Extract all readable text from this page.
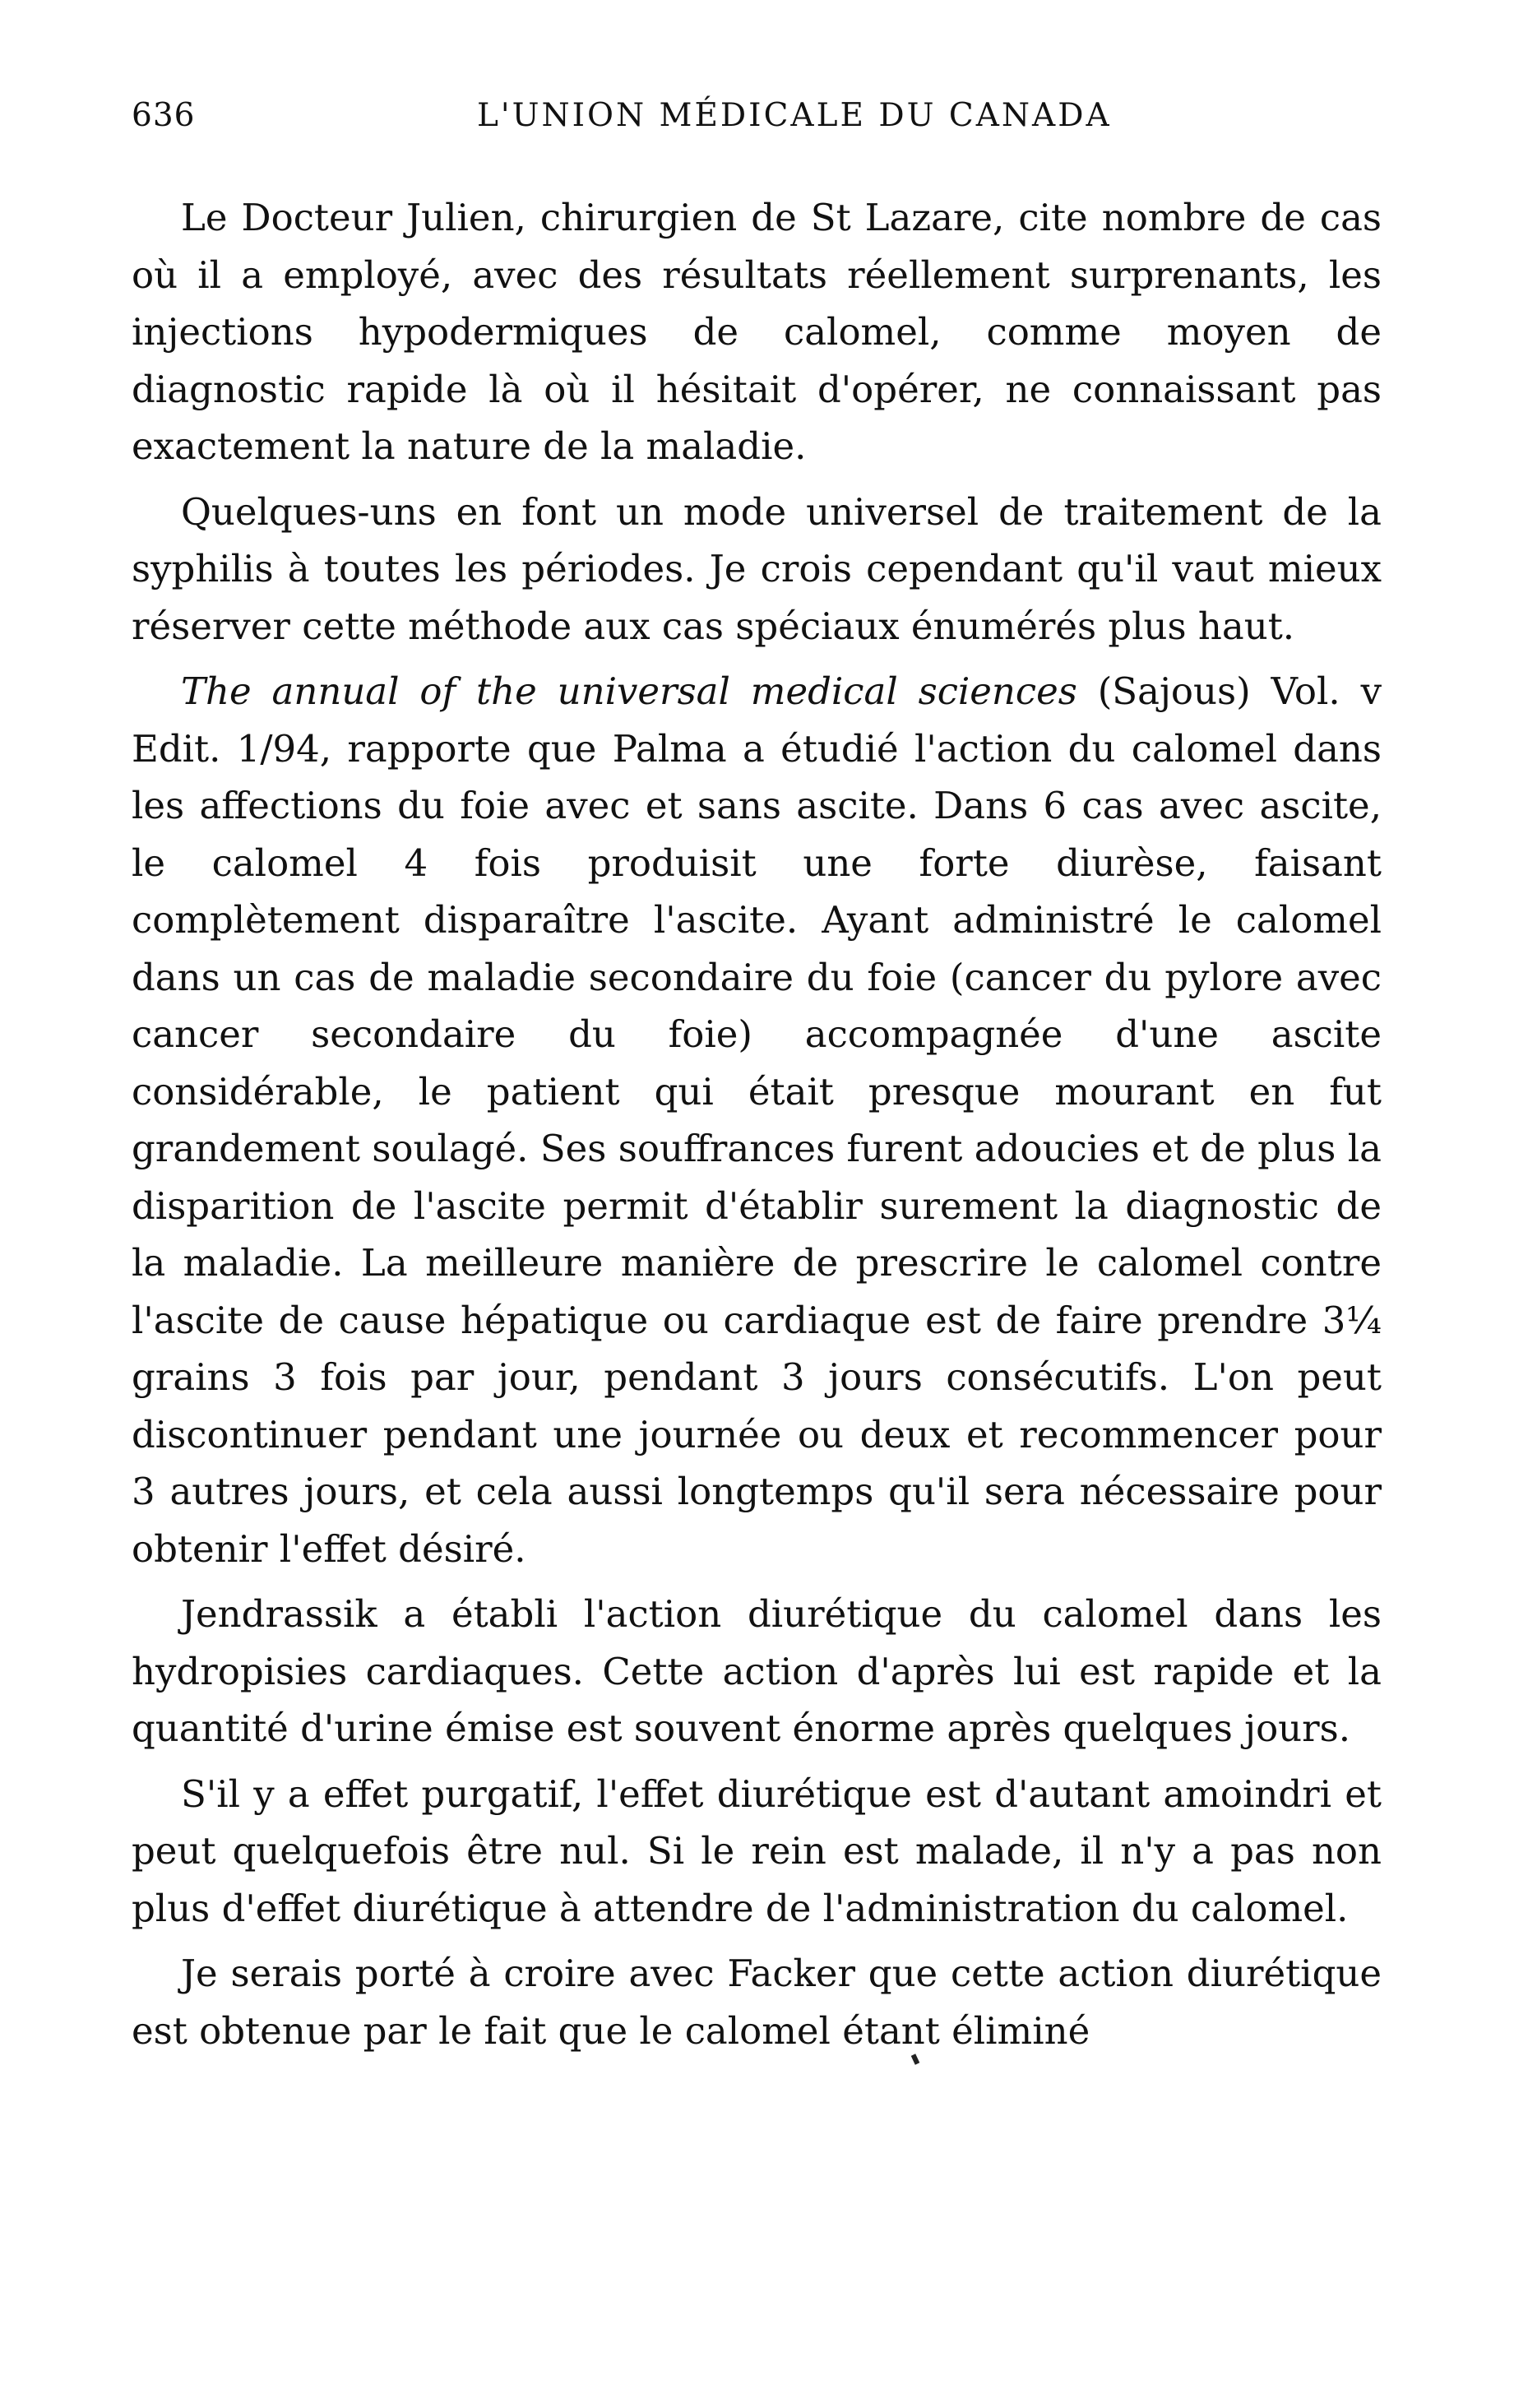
636	L'UNION MÉDICALE DU CANADA

Le Docteur Julien, chirurgien de St Lazare, cite nombre de cas où il a employé, avec des résultats réellement surprenants, les injections hypodermiques de calomel, comme moyen de diagnostic rapide là où il hésitait d'opérer, ne connaissant pas exactement la nature de la maladie.

Quelques-uns en font un mode universel de traitement de la syphilis à toutes les périodes. Je crois cependant qu'il vaut mieux réserver cette méthode aux cas spéciaux énumérés plus haut.

The annual of the universal medical sciences (Sajous) Vol. v Edit. 1/94, rapporte que Palma a étudié l'action du calomel dans les affections du foie avec et sans ascite. Dans 6 cas avec ascite, le calomel 4 fois produisit une forte diurèse, faisant complètement disparaître l'ascite. Ayant administré le calomel dans un cas de maladie secondaire du foie (cancer du pylore avec cancer secondaire du foie) accompagnée d'une ascite considérable, le patient qui était presque mourant en fut grandement soulagé. Ses souffrances furent adoucies et de plus la disparition de l'ascite permit d'établir surement la diagnostic de la maladie. La meilleure manière de prescrire le calomel contre l'ascite de cause hépatique ou cardiaque est de faire prendre 3¼ grains 3 fois par jour, pendant 3 jours consécutifs. L'on peut discontinuer pendant une journée ou deux et recommencer pour 3 autres jours, et cela aussi longtemps qu'il sera nécessaire pour obtenir l'effet désiré.

Jendrassik a établi l'action diurétique du calomel dans les hydropisies cardiaques. Cette action d'après lui est rapide et la quantité d'urine émise est souvent énorme après quelques jours.

S'il y a effet purgatif, l'effet diurétique est d'autant amoindri et peut quelquefois être nul. Si le rein est malade, il n'y a pas non plus d'effet diurétique à attendre de l'administration du calomel.

Je serais porté à croire avec Facker que cette action diurétique est obtenue par le fait que le calomel étant éliminé
